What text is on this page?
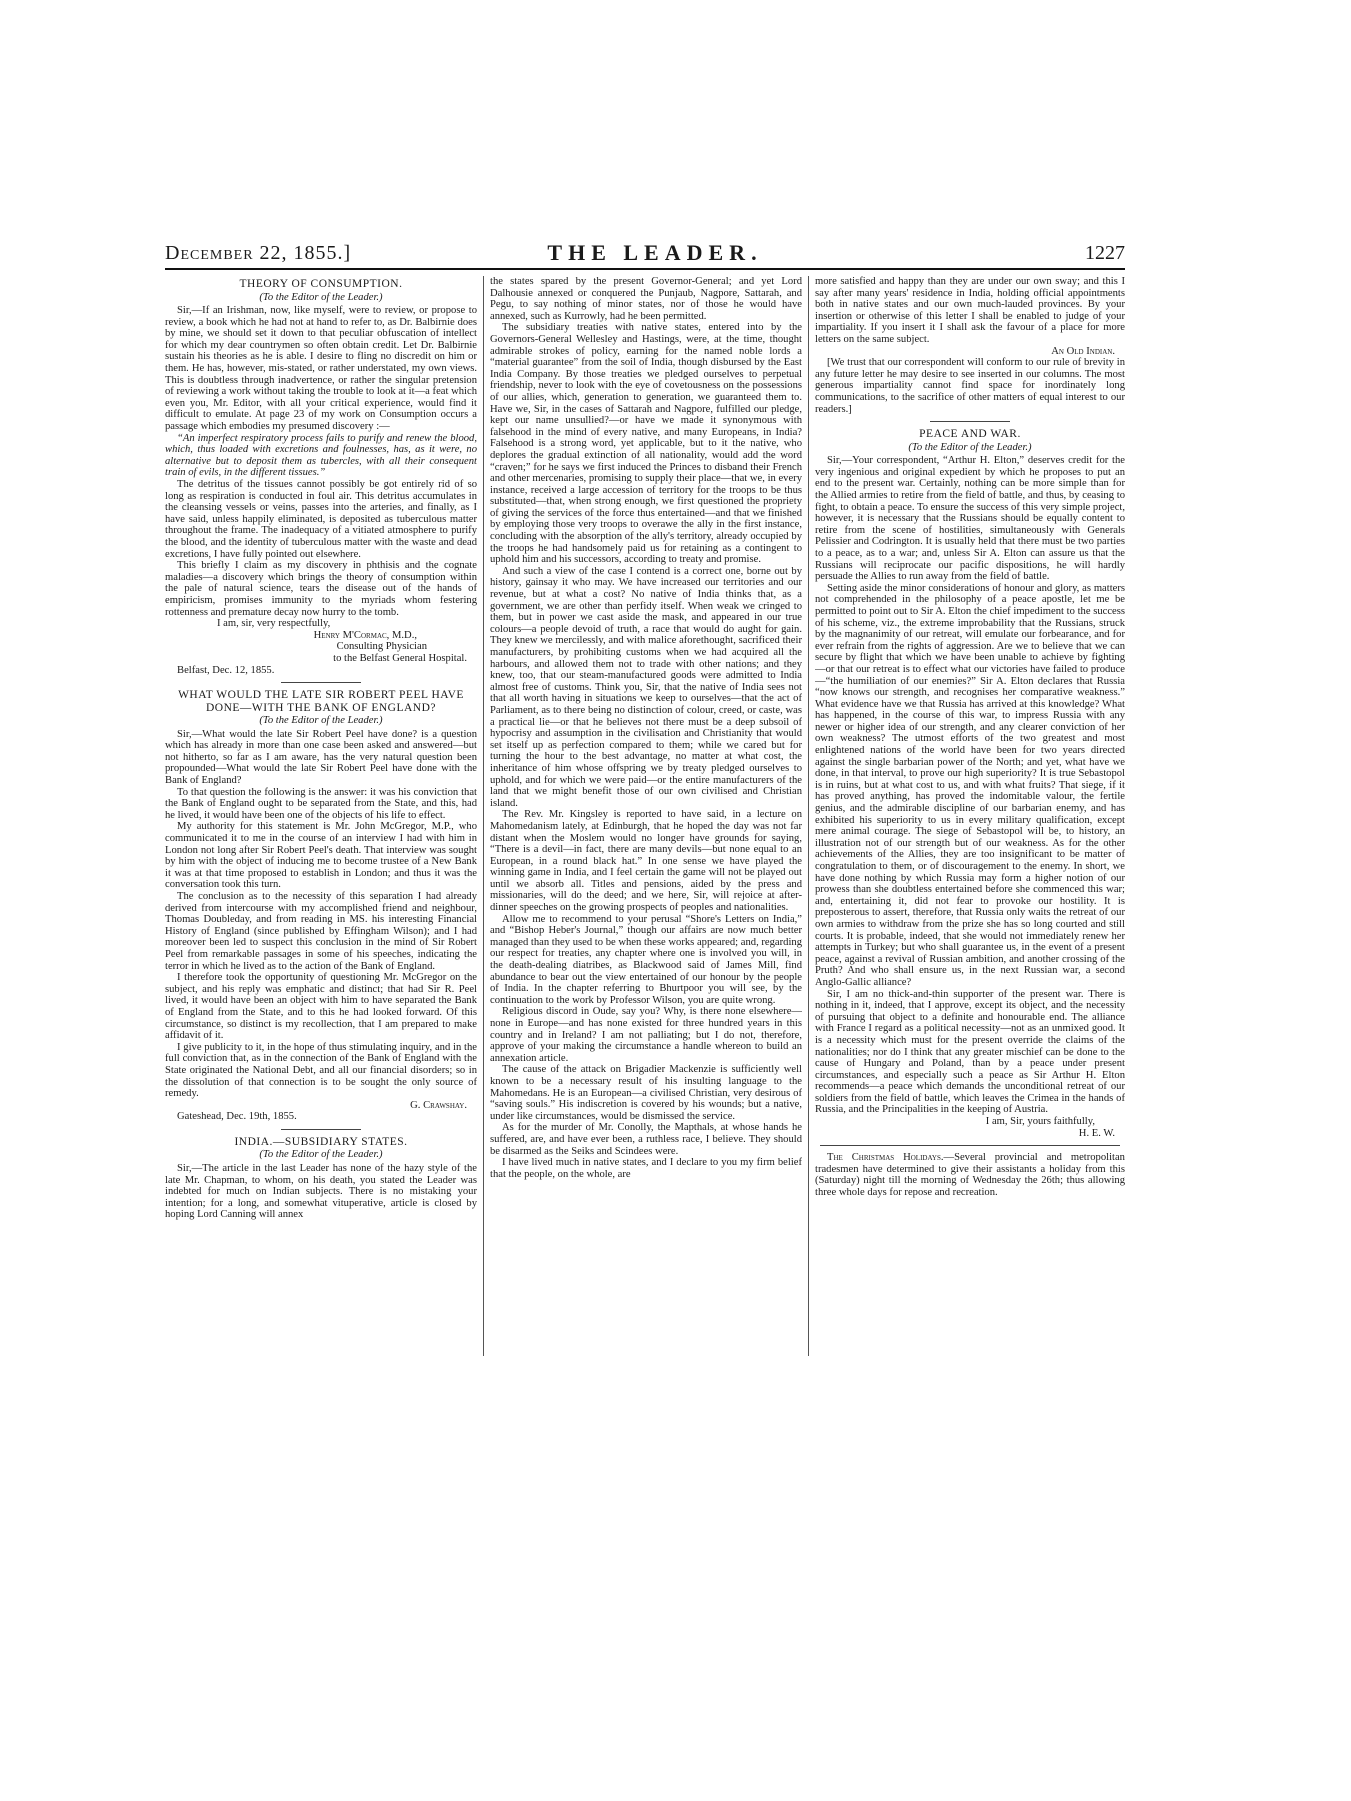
December 22, 1855.]	THE LEADER.	1227
THEORY OF CONSUMPTION.
(To the Editor of the Leader.)

Sir,—If an Irishman, now, like myself, were to review, or propose to review, a book which he had not at hand to refer to, as Dr. Balbirnie does by mine, we should set it down to that peculiar obfuscation of intellect for which my dear countrymen so often obtain credit. Let Dr. Balbirnie sustain his theories as he is able. I desire to fling no discredit on him or them. He has, however, mis-stated, or rather understated, my own views. This is doubtless through inadvertence, or rather the singular pretension of reviewing a work without taking the trouble to look at it—a feat which even you, Mr. Editor, with all your critical experience, would find it difficult to emulate. At page 23 of my work on Consumption occurs a passage which embodies my presumed discovery :—

“An imperfect respiratory process fails to purify and renew the blood, which, thus loaded with excretions and foulnesses, has, as it were, no alternative but to deposit them as tubercles, with all their consequent train of evils, in the different tissues.”

The detritus of the tissues cannot possibly be got entirely rid of so long as respiration is conducted in foul air. This detritus accumulates in the cleansing vessels or veins, passes into the arteries, and finally, as I have said, unless happily eliminated, is deposited as tuberculous matter throughout the frame. The inadequacy of a vitiated atmosphere to purify the blood, and the identity of tuberculous matter with the waste and dead excretions, I have fully pointed out elsewhere.

This briefly I claim as my discovery in phthisis and the cognate maladies—a discovery which brings the theory of consumption within the pale of natural science, tears the disease out of the hands of empiricism, promises immunity to the myriads whom festering rottenness and premature decay now hurry to the tomb.

I am, sir, very respectfully,

Henry M'Cormac, M.D.,

Consulting Physician

to the Belfast General Hospital.

Belfast, Dec. 12, 1855.

WHAT WOULD THE LATE SIR ROBERT PEEL HAVE DONE—WITH THE BANK OF ENGLAND?
(To the Editor of the Leader.)

Sir,—What would the late Sir Robert Peel have done? is a question which has already in more than one case been asked and answered—but not hitherto, so far as I am aware, has the very natural question been propounded—What would the late Sir Robert Peel have done with the Bank of England?

To that question the following is the answer: it was his conviction that the Bank of England ought to be separated from the State, and this, had he lived, it would have been one of the objects of his life to effect.

My authority for this statement is Mr. John McGregor, M.P., who communicated it to me in the course of an interview I had with him in London not long after Sir Robert Peel's death. That interview was sought by him with the object of inducing me to become trustee of a New Bank it was at that time proposed to establish in London; and thus it was the conversation took this turn.

The conclusion as to the necessity of this separation I had already derived from intercourse with my accomplished friend and neighbour, Thomas Doubleday, and from reading in MS. his interesting Financial History of England (since published by Effingham Wilson); and I had moreover been led to suspect this conclusion in the mind of Sir Robert Peel from remarkable passages in some of his speeches, indicating the terror in which he lived as to the action of the Bank of England.

I therefore took the opportunity of questioning Mr. McGregor on the subject, and his reply was emphatic and distinct; that had Sir R. Peel lived, it would have been an object with him to have separated the Bank of England from the State, and to this he had looked forward. Of this circumstance, so distinct is my recollection, that I am prepared to make affidavit of it.

I give publicity to it, in the hope of thus stimulating inquiry, and in the full conviction that, as in the connection of the Bank of England with the State originated the National Debt, and all our financial disorders; so in the dissolution of that connection is to be sought the only source of remedy.

G. Crawshay.

Gateshead, Dec. 19th, 1855.

INDIA.—SUBSIDIARY STATES.
(To the Editor of the Leader.)

Sir,—The article in the last Leader has none of the hazy style of the late Mr. Chapman, to whom, on his death, you stated the Leader was indebted for much on Indian subjects. There is no mistaking your intention; for a long, and somewhat vituperative, article is closed by hoping Lord Canning will annex

the states spared by the present Governor-General; and yet Lord Dalhousie annexed or conquered the Punjaub, Nagpore, Sattarah, and Pegu, to say nothing of minor states, nor of those he would have annexed, such as Kurrowly, had he been permitted.

The subsidiary treaties with native states, entered into by the Governors-General Wellesley and Hastings, were, at the time, thought admirable strokes of policy, earning for the named noble lords a “material guarantee” from the soil of India, though disbursed by the East India Company. By those treaties we pledged ourselves to perpetual friendship, never to look with the eye of covetousness on the possessions of our allies, which, generation to generation, we guaranteed them to. Have we, Sir, in the cases of Sattarah and Nagpore, fulfilled our pledge, kept our name unsullied?—or have we made it synonymous with falsehood in the mind of every native, and many Europeans, in India? Falsehood is a strong word, yet applicable, but to it the native, who deplores the gradual extinction of all nationality, would add the word “craven;” for he says we first induced the Princes to disband their French and other mercenaries, promising to supply their place—that we, in every instance, received a large accession of territory for the troops to be thus substituted—that, when strong enough, we first questioned the propriety of giving the services of the force thus entertained—and that we finished by employing those very troops to overawe the ally in the first instance, concluding with the absorption of the ally's territory, already occupied by the troops he had handsomely paid us for retaining as a contingent to uphold him and his successors, according to treaty and promise.

And such a view of the case I contend is a correct one, borne out by history, gainsay it who may. We have increased our territories and our revenue, but at what a cost? No native of India thinks that, as a government, we are other than perfidy itself. When weak we cringed to them, but in power we cast aside the mask, and appeared in our true colours—a people devoid of truth, a race that would do aught for gain. They knew we mercilessly, and with malice aforethought, sacrificed their manufacturers, by prohibiting customs when we had acquired all the harbours, and allowed them not to trade with other nations; and they knew, too, that our steam-manufactured goods were admitted to India almost free of customs. Think you, Sir, that the native of India sees not that all worth having in situations we keep to ourselves—that the act of Parliament, as to there being no distinction of colour, creed, or caste, was a practical lie—or that he believes not there must be a deep subsoil of hypocrisy and assumption in the civilisation and Christianity that would set itself up as perfection compared to them; while we cared but for turning the hour to the best advantage, no matter at what cost, the inheritance of him whose offspring we by treaty pledged ourselves to uphold, and for which we were paid—or the entire manufacturers of the land that we might benefit those of our own civilised and Christian island.

The Rev. Mr. Kingsley is reported to have said, in a lecture on Mahomedanism lately, at Edinburgh, that he hoped the day was not far distant when the Moslem would no longer have grounds for saying, “There is a devil—in fact, there are many devils—but none equal to an European, in a round black hat.” In one sense we have played the winning game in India, and I feel certain the game will not be played out until we absorb all. Titles and pensions, aided by the press and missionaries, will do the deed; and we here, Sir, will rejoice at after-dinner speeches on the growing prospects of peoples and nationalities.

Allow me to recommend to your perusal “Shore's Letters on India,” and “Bishop Heber's Journal,” though our affairs are now much better managed than they used to be when these works appeared; and, regarding our respect for treaties, any chapter where one is involved you will, in the death-dealing diatribes, as Blackwood said of James Mill, find abundance to bear out the view entertained of our honour by the people of India. In the chapter referring to Bhurtpoor you will see, by the continuation to the work by Professor Wilson, you are quite wrong.

Religious discord in Oude, say you? Why, is there none elsewhere—none in Europe—and has none existed for three hundred years in this country and in Ireland? I am not palliating; but I do not, therefore, approve of your making the circumstance a handle whereon to build an annexation article.

The cause of the attack on Brigadier Mackenzie is sufficiently well known to be a necessary result of his insulting language to the Mahomedans. He is an European—a civilised Christian, very desirous of “saving souls.” His indiscretion is covered by his wounds; but a native, under like circumstances, would be dismissed the service.

As for the murder of Mr. Conolly, the Mapthals, at whose hands he suffered, are, and have ever been, a ruthless race, I believe. They should be disarmed as the Seiks and Scindees were.

I have lived much in native states, and I declare to you my firm belief that the people, on the whole, are

more satisfied and happy than they are under our own sway; and this I say after many years' residence in India, holding official appointments both in native states and our own much-lauded provinces. By your insertion or otherwise of this letter I shall be enabled to judge of your impartiality. If you insert it I shall ask the favour of a place for more letters on the same subject.

An Old Indian.

[We trust that our correspondent will conform to our rule of brevity in any future letter he may desire to see inserted in our columns. The most generous impartiality cannot find space for inordinately long communications, to the sacrifice of other matters of equal interest to our readers.]

PEACE AND WAR.
(To the Editor of the Leader.)

Sir,—Your correspondent, “Arthur H. Elton,” deserves credit for the very ingenious and original expedient by which he proposes to put an end to the present war. Certainly, nothing can be more simple than for the Allied armies to retire from the field of battle, and thus, by ceasing to fight, to obtain a peace. To ensure the success of this very simple project, however, it is necessary that the Russians should be equally content to retire from the scene of hostilities, simultaneously with Generals Pelissier and Codrington. It is usually held that there must be two parties to a peace, as to a war; and, unless Sir A. Elton can assure us that the Russians will reciprocate our pacific dispositions, he will hardly persuade the Allies to run away from the field of battle.

Setting aside the minor considerations of honour and glory, as matters not comprehended in the philosophy of a peace apostle, let me be permitted to point out to Sir A. Elton the chief impediment to the success of his scheme, viz., the extreme improbability that the Russians, struck by the magnanimity of our retreat, will emulate our forbearance, and for ever refrain from the rights of aggression. Are we to believe that we can secure by flight that which we have been unable to achieve by fighting—or that our retreat is to effect what our victories have failed to produce—“the humiliation of our enemies?” Sir A. Elton declares that Russia “now knows our strength, and recognises her comparative weakness.” What evidence have we that Russia has arrived at this knowledge? What has happened, in the course of this war, to impress Russia with any newer or higher idea of our strength, and any clearer conviction of her own weakness? The utmost efforts of the two greatest and most enlightened nations of the world have been for two years directed against the single barbarian power of the North; and yet, what have we done, in that interval, to prove our high superiority? It is true Sebastopol is in ruins, but at what cost to us, and with what fruits? That siege, if it has proved anything, has proved the indomitable valour, the fertile genius, and the admirable discipline of our barbarian enemy, and has exhibited his superiority to us in every military qualification, except mere animal courage. The siege of Sebastopol will be, to history, an illustration not of our strength but of our weakness. As for the other achievements of the Allies, they are too insignificant to be matter of congratulation to them, or of discouragement to the enemy. In short, we have done nothing by which Russia may form a higher notion of our prowess than she doubtless entertained before she commenced this war; and, entertaining it, did not fear to provoke our hostility. It is preposterous to assert, therefore, that Russia only waits the retreat of our own armies to withdraw from the prize she has so long courted and still courts. It is probable, indeed, that she would not immediately renew her attempts in Turkey; but who shall guarantee us, in the event of a present peace, against a revival of Russian ambition, and another crossing of the Pruth? And who shall ensure us, in the next Russian war, a second Anglo-Gallic alliance?

Sir, I am no thick-and-thin supporter of the present war. There is nothing in it, indeed, that I approve, except its object, and the necessity of pursuing that object to a definite and honourable end. The alliance with France I regard as a political necessity—not as an unmixed good. It is a necessity which must for the present override the claims of the nationalities; nor do I think that any greater mischief can be done to the cause of Hungary and Poland, than by a peace under present circumstances, and especially such a peace as Sir Arthur H. Elton recommends—a peace which demands the unconditional retreat of our soldiers from the field of battle, which leaves the Crimea in the hands of Russia, and the Principalities in the keeping of Austria.

I am, Sir, yours faithfully,

H. E. W.

The Christmas Holidays.—Several provincial and metropolitan tradesmen have determined to give their assistants a holiday from this (Saturday) night till the morning of Wednesday the 26th; thus allowing three whole days for repose and recreation.
